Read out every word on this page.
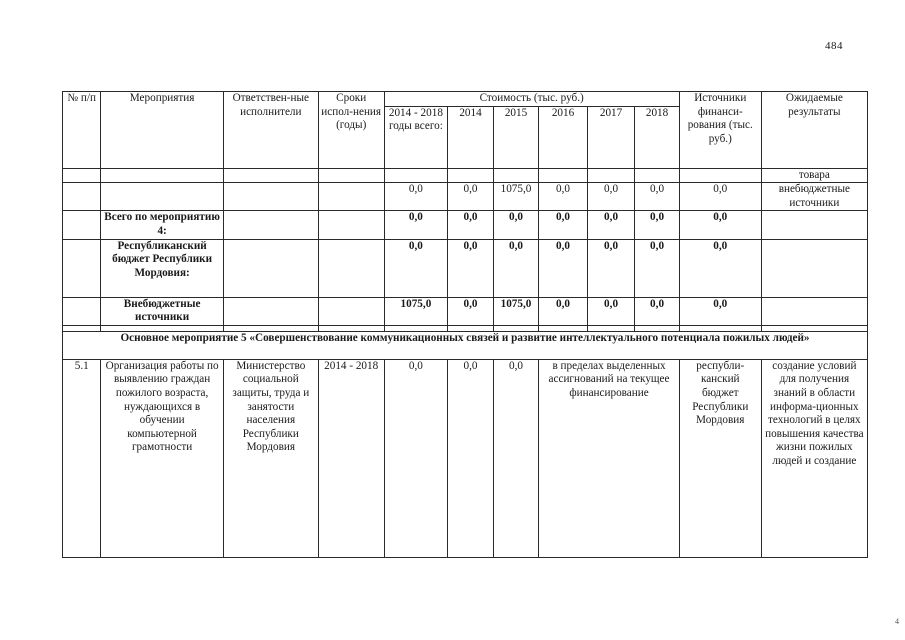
484
№ п/п	Мероприятия	Ответствен-ные исполнители	Сроки испол-нения (годы)	Стоимость (тыс. руб.)						Источники финанси-рования (тыс. руб.)	Ожидаемые результаты
				2014 - 2018 годы всего:	2014	2015	2016	2017	2018		
											товара
				0,0	0,0	1075,0	0,0	0,0	0,0	0,0	внебюджетные источники
	Всего по мероприятию 4:			0,0	0,0	0,0	0,0	0,0	0,0	0,0	
	Республиканский бюджет Республики Мордовия:			0,0	0,0	0,0	0,0	0,0	0,0	0,0	
	Внебюджетные источники			1075,0	0,0	1075,0	0,0	0,0	0,0	0,0	

Основное мероприятие 5 «Совершенствование коммуникационных связей и развитие интеллектуального потенциала пожилых людей»											
5.1	Организация работы по выявлению граждан пожилого возраста, нуждающихся в обучении компьютерной грамотности	Министерство социальной защиты, труда и занятости населения Республики Мордовия	2014 - 2018	0,0	0,0	0,0	в пределах выделенных ассигнований на текущее финансирование			республи-канский бюджет Республики Мордовия	создание условий для получения знаний в области информа-ционных технологий в целях повышения качества жизни пожилых людей и создание
4
